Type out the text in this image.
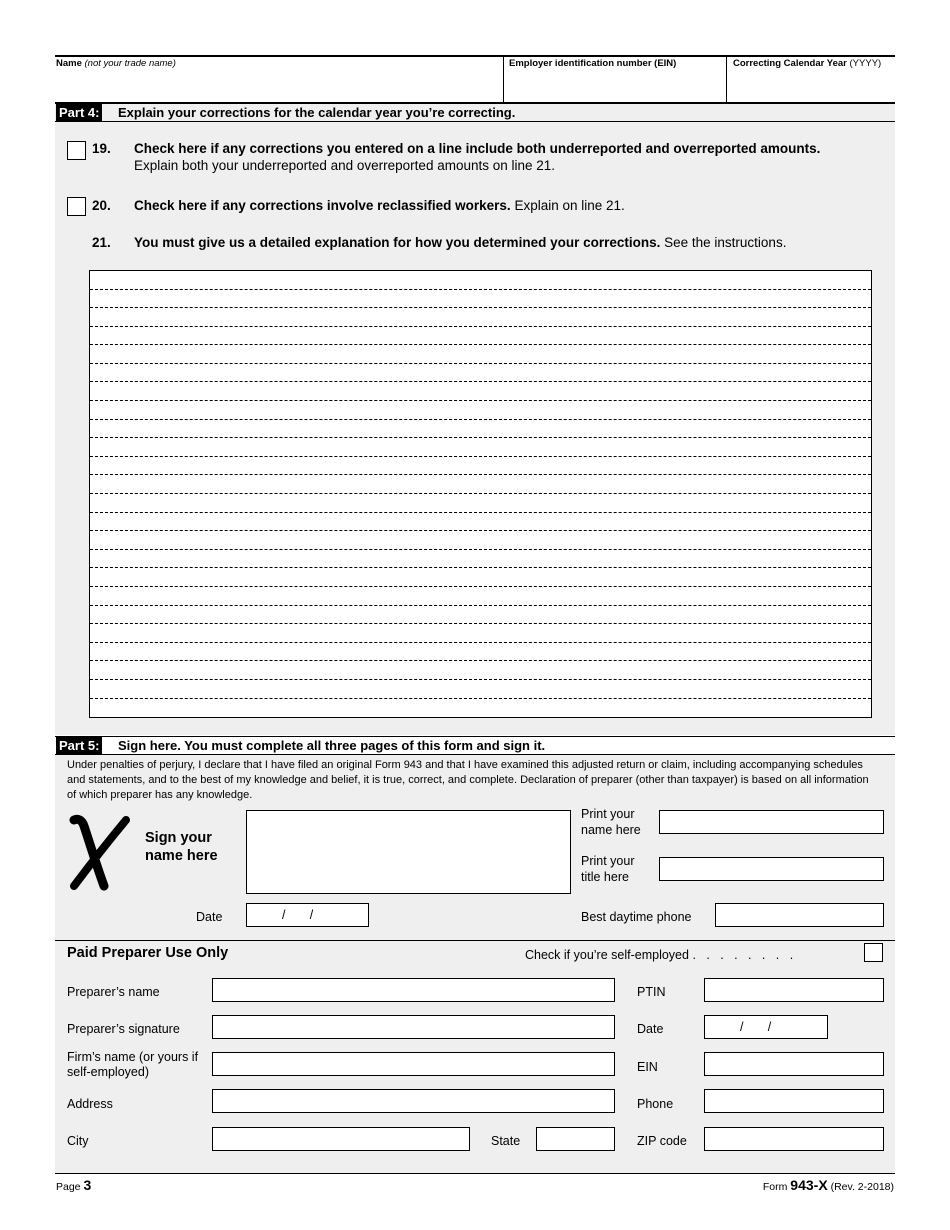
Name (not your trade name)	Employer identification number (EIN)	Correcting Calendar Year (YYYY)
Part 4: Explain your corrections for the calendar year you’re correcting.
19. Check here if any corrections you entered on a line include both underreported and overreported amounts.
Explain both your underreported and overreported amounts on line 21.
20. Check here if any corrections involve reclassified workers. Explain on line 21.
21. You must give us a detailed explanation for how you determined your corrections. See the instructions.
Part 5: Sign here. You must complete all three pages of this form and sign it.
Under penalties of perjury, I declare that I have filed an original Form 943 and that I have examined this adjusted return or claim, including accompanying schedules and statements, and to the best of my knowledge and belief, it is true, correct, and complete. Declaration of preparer (other than taxpayer) is based on all information of which preparer has any knowledge.
Sign your
name here
Print your
name here
Print your
title here
Date	/       /	Best daytime phone
Paid Preparer Use Only	Check if you’re self-employed .   .   .   .   .   .   .   .
Preparer’s name	PTIN
Preparer’s signature	Date	/       /
Firm’s name (or yours if
self-employed)	EIN
Address	Phone
City	State	ZIP code
Page 3	Form 943-X (Rev. 2-2018)
